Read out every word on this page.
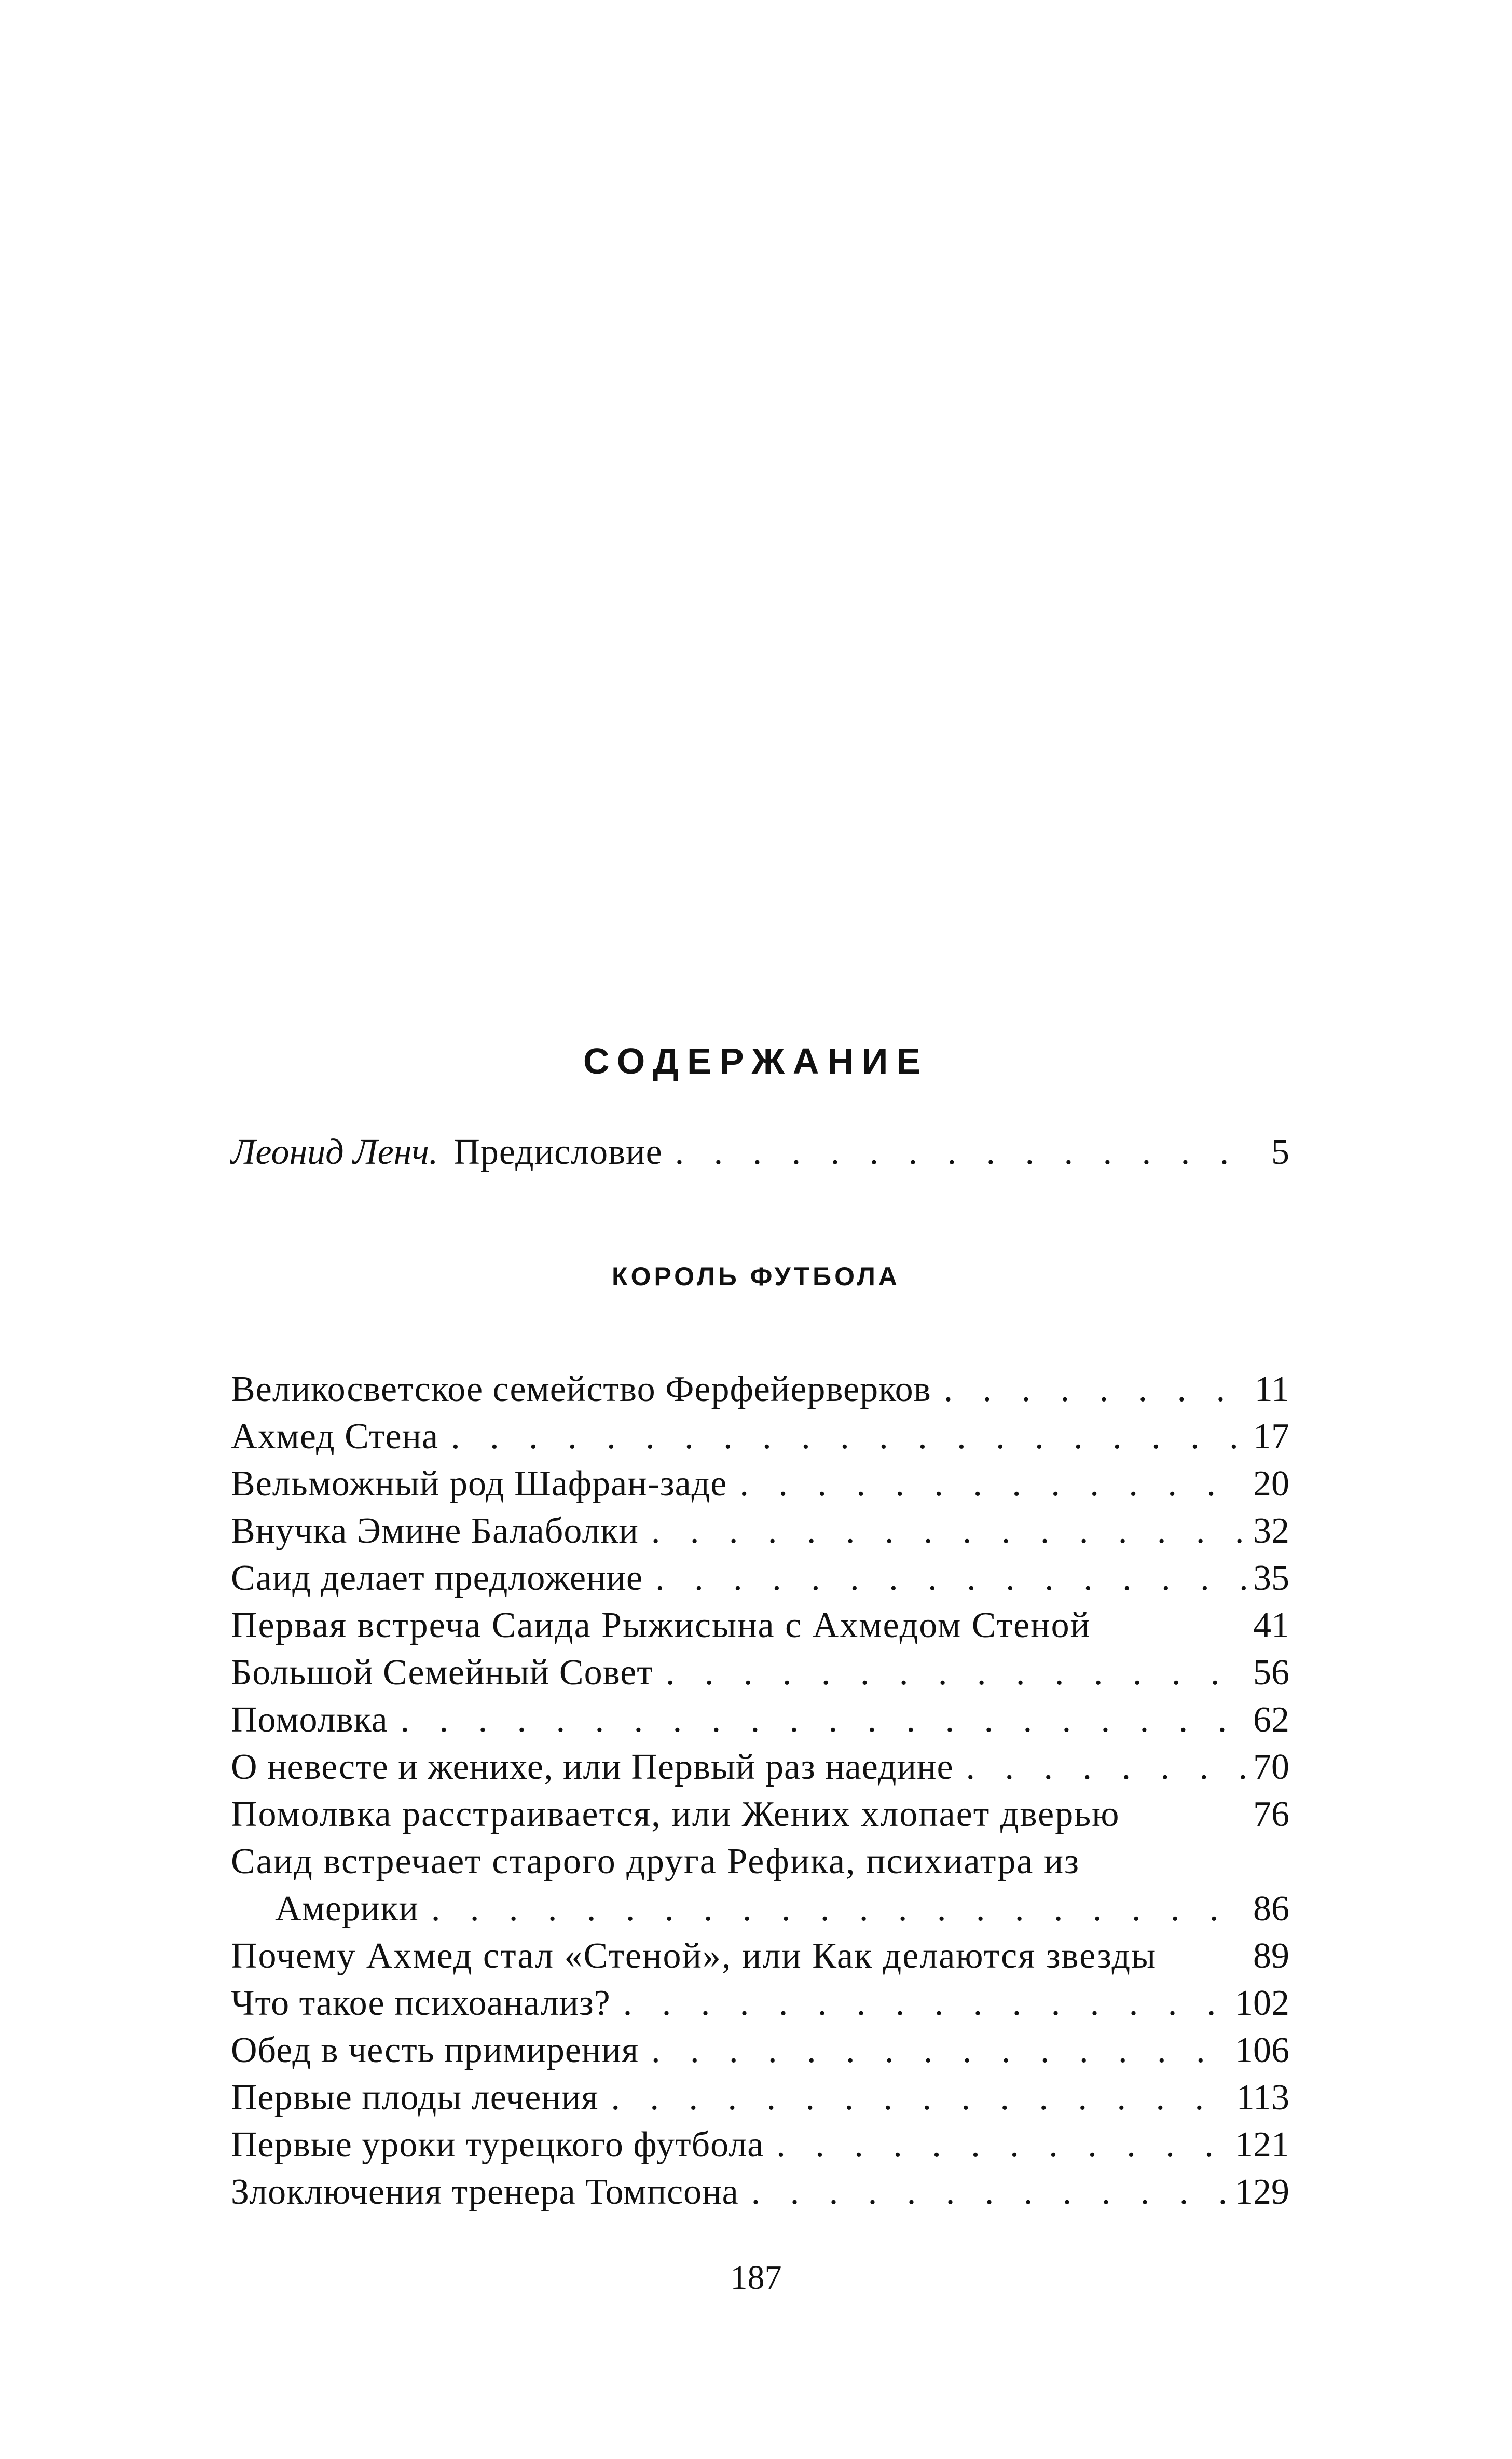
СОДЕРЖАНИЕ
Леонид Ленч. Предисловие . . .	5
КОРОЛЬ ФУТБОЛА
Великосветское семейство Ферфейерверков . . .	11
Ахмед Стена . . .	17
Вельможный род Шафран-заде . . .	20
Внучка Эмине Балаболки . . .	32
Саид делает предложение . . .	35
Первая встреча Саида Рыжисына с Ахмедом Стеной	41
Большой Семейный Совет . . .	56
Помолвка . . .	62
О невесте и женихе, или Первый раз наедине . . .	70
Помолвка расстраивается, или Жених хлопает дверью	76
Саид встречает старого друга Рефика, психиатра из
Америки . . .	86
Почему Ахмед стал «Стеной», или Как делаются звезды	89
Что такое психоанализ? . . .	102
Обед в честь примирения . . .	106
Первые плоды лечения . . .	113
Первые уроки турецкого футбола . . .	121
Злоключения тренера Томпсона . . .	129
187
